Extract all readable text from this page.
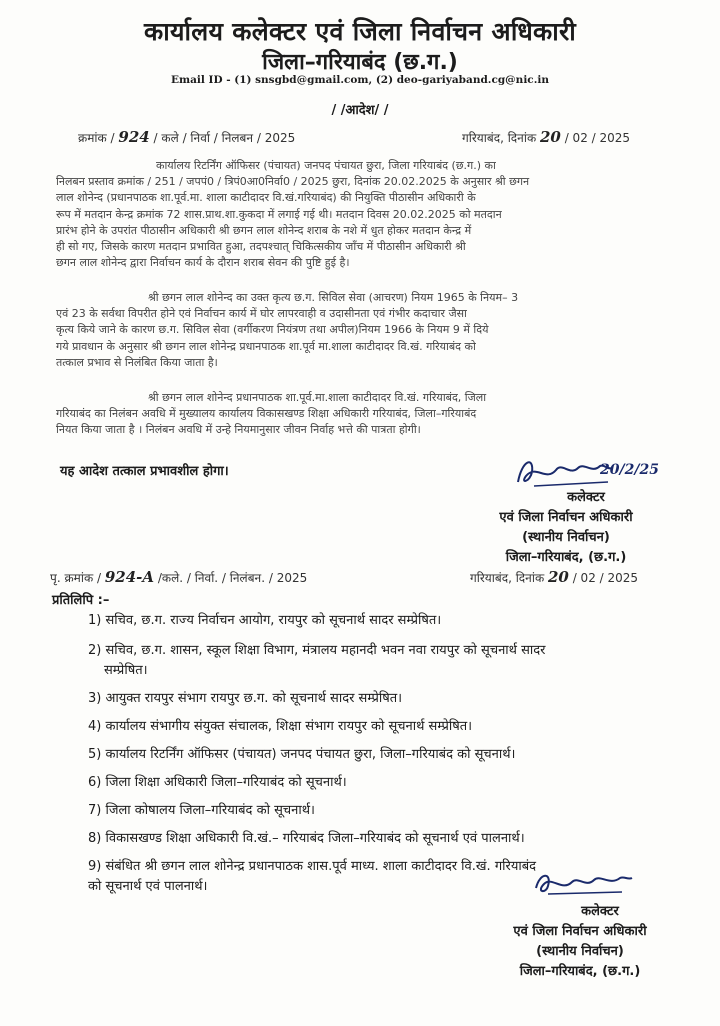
कार्यालय कलेक्टर एवं जिला निर्वाचन अधिकारी
जिला–गरियाबंद (छ.ग.)
Email ID - (1) snsgbd@gmail.com, (2) deo-gariyaband.cg@nic.in
/ /आदेश/ /
क्रमांक / 924 / कले / निर्वा / निलबन / 2025	गरियाबंद, दिनांक 20 / 02 / 2025
कार्यालय रिटर्निंग ऑफिसर (पंचायत) जनपद पंचायत छुरा, जिला गरियाबंद (छ.ग.) का
निलबन प्रस्ताव क्रमांक / 251 / जपपं0 / त्रिपं0आ0निर्वा0 / 2025 छुरा, दिनांक 20.02.2025 के अनुसार श्री छगन
लाल शोनेन्द (प्रधानपाठक शा.पूर्व.मा. शाला काटीदादर वि.खं.गरियाबंद) की नियुक्ति पीठासीन अधिकारी के
रूप में मतदान केन्द्र क्रमांक 72 शास.प्राथ.शा.कुकदा में लगाई गई थी। मतदान दिवस 20.02.2025 को मतदान
प्रारंभ होने के उपरांत पीठासीन अधिकारी श्री छगन लाल शोनेन्द शराब के नशे में धुत होकर मतदान केन्द्र में
ही सो गए, जिसके कारण मतदान प्रभावित हुआ, तदपश्चात् चिकित्सकीय जाँच में पीठासीन अधिकारी श्री
छगन लाल शोनेन्द द्वारा निर्वाचन कार्य के दौरान शराब सेवन की पुष्टि हुई है।
श्री छगन लाल शोनेन्द का उक्त कृत्य छ.ग. सिविल सेवा (आचरण) नियम 1965 के नियम– 3
एवं 23 के सर्वथा विपरीत होने एवं निर्वाचन कार्य में घोर लापरवाही व उदासीनता एवं गंभीर कदाचार जैसा
कृत्य किये जाने के कारण छ.ग. सिविल सेवा (वर्गीकरण नियंत्रण तथा अपील)नियम 1966 के नियम 9 में दिये
गये प्रावधान के अनुसार श्री छगन लाल शोनेन्द्र प्रधानपाठक शा.पूर्व मा.शाला काटीदादर वि.खं. गरियाबंद को
तत्काल प्रभाव से निलंबित किया जाता है।
श्री छगन लाल शोनेन्द प्रधानपाठक शा.पूर्व.मा.शाला काटीदादर वि.खं. गरियाबंद, जिला
गरियाबंद का निलंबन अवधि में मुख्यालय कार्यालय विकासखण्ड शिक्षा अधिकारी गरियाबंद, जिला–गरियाबंद
नियत किया जाता है । निलंबन अवधि में उन्हे नियमानुसार जीवन निर्वाह भत्ते की पात्रता होगी।
यह आदेश तत्काल प्रभावशील होगा।	20/2/25
कलेक्टर
एवं जिला निर्वाचन अधिकारी
(स्थानीय निर्वाचन)
जिला–गरियाबंद, (छ.ग.)
पृ. क्रमांक / 924-A /कले. / निर्वा. / निलंबन. / 2025	गरियाबंद, दिनांक 20 / 02 / 2025
प्रतिलिपि :–
1) सचिव, छ.ग. राज्य निर्वाचन आयोग, रायपुर को सूचनार्थ सादर सम्प्रेषित।
2) सचिव, छ.ग. शासन, स्कूल शिक्षा विभाग, मंत्रालय महानदी भवन नवा रायपुर को सूचनार्थ सादर
सम्प्रेषित।
3) आयुक्त रायपुर संभाग रायपुर छ.ग. को सूचनार्थ सादर सम्प्रेषित।
4) कार्यालय संभागीय संयुक्त संचालक, शिक्षा संभाग रायपुर को सूचनार्थ सम्प्रेषित।
5) कार्यालय रिटर्निंग ऑफिसर (पंचायत) जनपद पंचायत छुरा, जिला–गरियाबंद को सूचनार्थ।
6) जिला शिक्षा अधिकारी जिला–गरियाबंद को सूचनार्थ।
7) जिला कोषालय जिला–गरियाबंद को सूचनार्थ।
8) विकासखण्ड शिक्षा अधिकारी वि.खं.– गरियाबंद जिला–गरियाबंद को सूचनार्थ एवं पालनार्थ।
9) संबंधित श्री छगन लाल शोनेन्द्र प्रधानपाठक शास.पूर्व माध्य. शाला काटीदादर वि.खं. गरियाबंद
को सूचनार्थ एवं पालनार्थ।
कलेक्टर
एवं जिला निर्वाचन अधिकारी
(स्थानीय निर्वाचन)
जिला–गरियाबंद, (छ.ग.)
